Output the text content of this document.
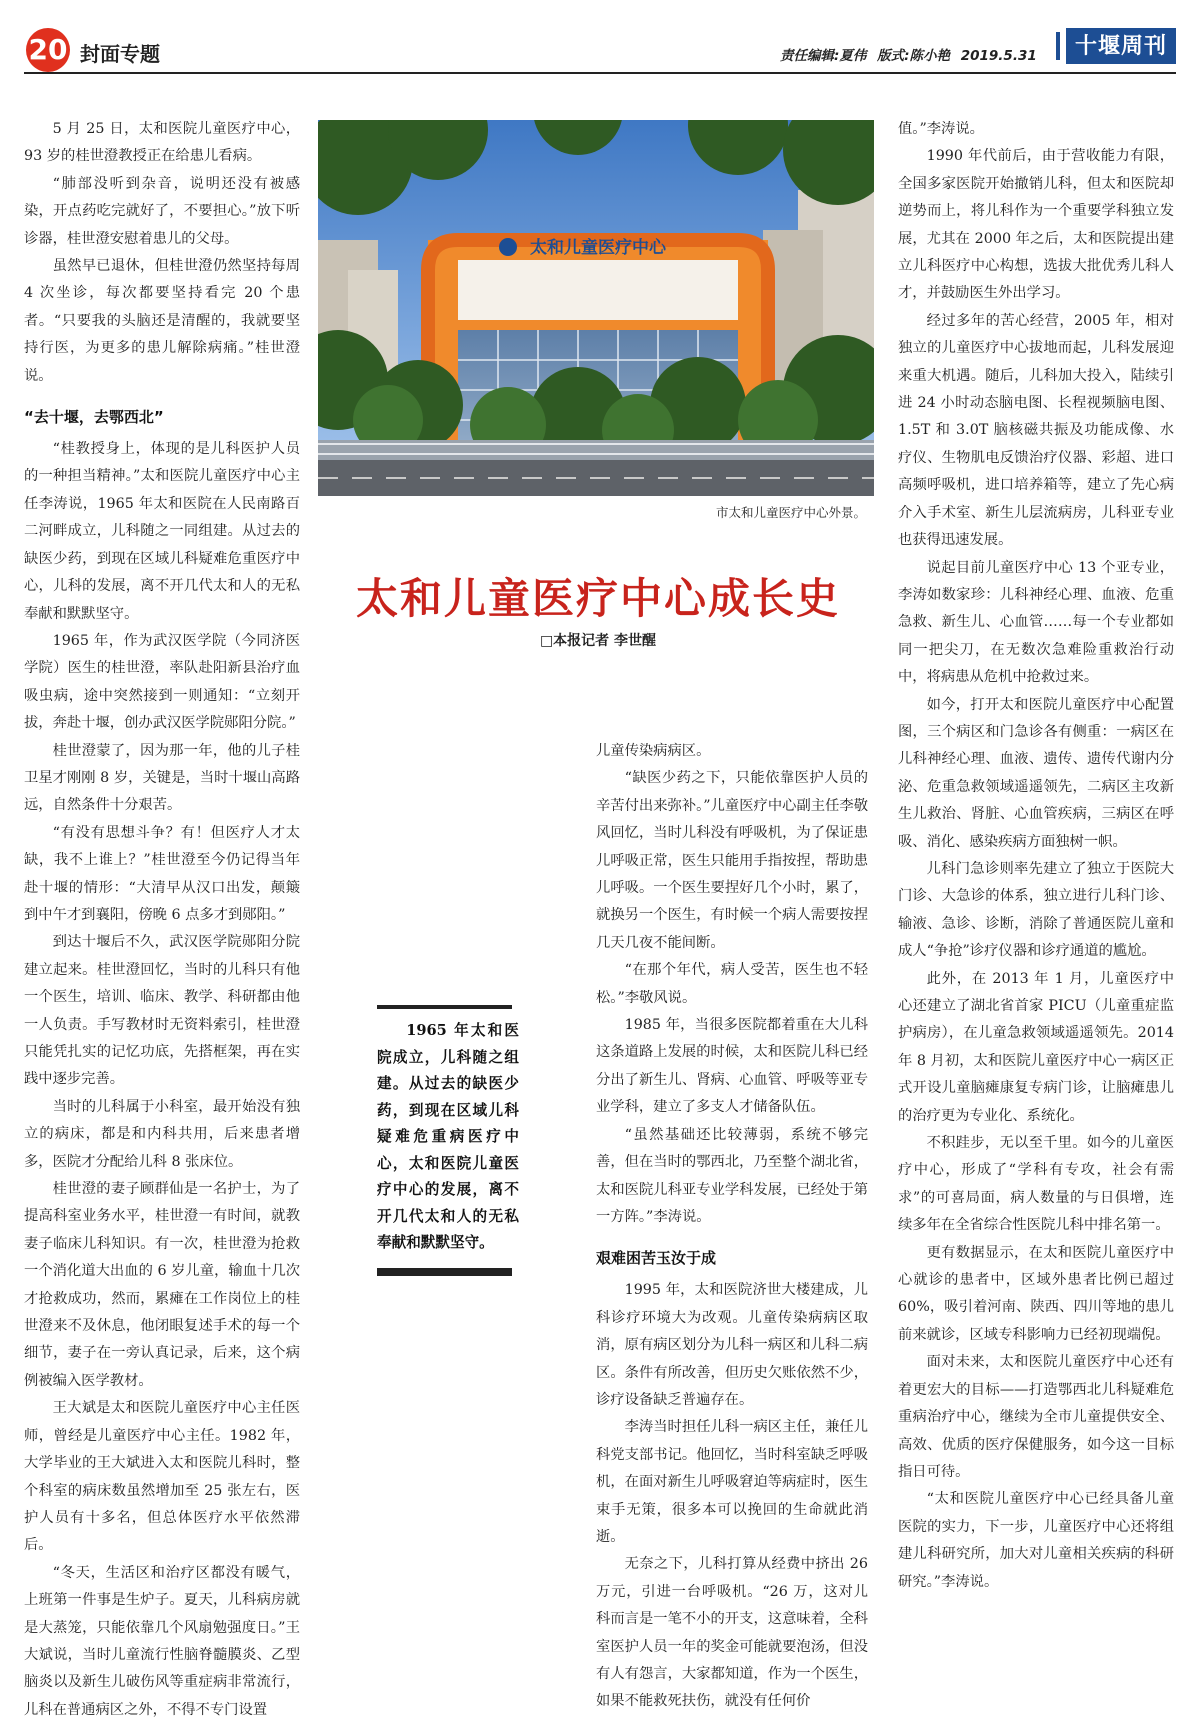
20 封面专题	责任编辑:夏伟 版式:陈小艳 2019.5.31	十堰周刊

5 月 25 日，太和医院儿童医疗中心，93 岁的桂世澄教授正在给患儿看病。

“肺部没听到杂音，说明还没有被感染，开点药吃完就好了，不要担心。”放下听诊器，桂世澄安慰着患儿的父母。

虽然早已退休，但桂世澄仍然坚持每周 4 次坐诊，每次都要坚持看完 20 个患者。“只要我的头脑还是清醒的，我就要坚持行医，为更多的患儿解除病痛。”桂世澄说。

“去十堰，去鄂西北”

“桂教授身上，体现的是儿科医护人员的一种担当精神。”太和医院儿童医疗中心主任李涛说，1965 年太和医院在人民南路百二河畔成立，儿科随之一同组建。从过去的缺医少药，到现在区域儿科疑难危重医疗中心，儿科的发展，离不开几代太和人的无私奉献和默默坚守。

1965 年，作为武汉医学院（今同济医学院）医生的桂世澄，率队赴阳新县治疗血吸虫病，途中突然接到一则通知：“立刻开拔，奔赴十堰，创办武汉医学院郧阳分院。”

桂世澄蒙了，因为那一年，他的儿子桂卫星才刚刚 8 岁，关键是，当时十堰山高路远，自然条件十分艰苦。

“有没有思想斗争？有！但医疗人才太缺，我不上谁上？”桂世澄至今仍记得当年赴十堰的情形：“大清早从汉口出发，颠簸到中午才到襄阳，傍晚 6 点多才到郧阳。”

到达十堰后不久，武汉医学院郧阳分院建立起来。桂世澄回忆，当时的儿科只有他一个医生，培训、临床、教学、科研都由他一人负责。手写教材时无资料索引，桂世澄只能凭扎实的记忆功底，先搭框架，再在实践中逐步完善。

当时的儿科属于小科室，最开始没有独立的病床，都是和内科共用，后来患者增多，医院才分配给儿科 8 张床位。

桂世澄的妻子顾群仙是一名护士，为了提高科室业务水平，桂世澄一有时间，就教妻子临床儿科知识。有一次，桂世澄为抢救一个消化道大出血的 6 岁儿童，输血十几次才抢救成功，然而，累瘫在工作岗位上的桂世澄来不及休息，他闭眼复述手术的每一个细节，妻子在一旁认真记录，后来，这个病例被编入医学教材。

王大斌是太和医院儿童医疗中心主任医师，曾经是儿童医疗中心主任。1982 年，大学毕业的王大斌进入太和医院儿科时，整个科室的病床数虽然增加至 25 张左右，医护人员有十多名，但总体医疗水平依然滞后。

“冬天，生活区和治疗区都没有暖气，上班第一件事是生炉子。夏天，儿科病房就是大蒸笼，只能依靠几个风扇勉强度日。”王大斌说，当时儿童流行性脑脊髓膜炎、乙型脑炎以及新生儿破伤风等重症病非常流行，儿科在普通病区之外，不得不专门设置

太和儿童医疗中心
市太和儿童医疗中心外景。
太和儿童医疗中心成长史
□本报记者 李世醒

1965 年太和医院成立，儿科随之组建。从过去的缺医少药，到现在区域儿科疑难危重病医疗中心，太和医院儿童医疗中心的发展，离不开几代太和人的无私奉献和默默坚守。

儿童传染病病区。

“缺医少药之下，只能依靠医护人员的辛苦付出来弥补。”儿童医疗中心副主任李敬风回忆，当时儿科没有呼吸机，为了保证患儿呼吸正常，医生只能用手指按捏，帮助患儿呼吸。一个医生要捏好几个小时，累了，就换另一个医生，有时候一个病人需要按捏几天几夜不能间断。

“在那个年代，病人受苦，医生也不轻松。”李敬风说。

1985 年，当很多医院都着重在大儿科这条道路上发展的时候，太和医院儿科已经分出了新生儿、肾病、心血管、呼吸等亚专业学科，建立了多支人才储备队伍。

“虽然基础还比较薄弱，系统不够完善，但在当时的鄂西北，乃至整个湖北省，太和医院儿科亚专业学科发展，已经处于第一方阵。”李涛说。

艰难困苦玉汝于成

1995 年，太和医院济世大楼建成，儿科诊疗环境大为改观。儿童传染病病区取消，原有病区划分为儿科一病区和儿科二病区。条件有所改善，但历史欠账依然不少，诊疗设备缺乏普遍存在。

李涛当时担任儿科一病区主任，兼任儿科党支部书记。他回忆，当时科室缺乏呼吸机，在面对新生儿呼吸窘迫等病症时，医生束手无策，很多本可以挽回的生命就此消逝。

无奈之下，儿科打算从经费中挤出 26 万元，引进一台呼吸机。“26 万，这对儿科而言是一笔不小的开支，这意味着，全科室医护人员一年的奖金可能就要泡汤，但没有人有怨言，大家都知道，作为一个医生，如果不能救死扶伤，就没有任何价

值。”李涛说。

1990 年代前后，由于营收能力有限，全国多家医院开始撤销儿科，但太和医院却逆势而上，将儿科作为一个重要学科独立发展，尤其在 2000 年之后，太和医院提出建立儿科医疗中心构想，选拔大批优秀儿科人才，并鼓励医生外出学习。

经过多年的苦心经营，2005 年，相对独立的儿童医疗中心拔地而起，儿科发展迎来重大机遇。随后，儿科加大投入，陆续引进 24 小时动态脑电图、长程视频脑电图、1.5T 和 3.0T 脑核磁共振及功能成像、水疗仪、生物肌电反馈治疗仪器、彩超、进口高频呼吸机，进口培养箱等，建立了先心病介入手术室、新生儿层流病房，儿科亚专业也获得迅速发展。

说起目前儿童医疗中心 13 个亚专业，李涛如数家珍：儿科神经心理、血液、危重急救、新生儿、心血管……每一个专业都如同一把尖刀，在无数次急难险重救治行动中，将病患从危机中抢救过来。

如今，打开太和医院儿童医疗中心配置图，三个病区和门急诊各有侧重：一病区在儿科神经心理、血液、遗传、遗传代谢内分泌、危重急救领域遥遥领先，二病区主攻新生儿救治、肾脏、心血管疾病，三病区在呼吸、消化、感染疾病方面独树一帜。

儿科门急诊则率先建立了独立于医院大门诊、大急诊的体系，独立进行儿科门诊、输液、急诊、诊断，消除了普通医院儿童和成人“争抢”诊疗仪器和诊疗通道的尴尬。

此外，在 2013 年 1 月，儿童医疗中心还建立了湖北省首家 PICU（儿童重症监护病房），在儿童急救领域遥遥领先。2014 年 8 月初，太和医院儿童医疗中心一病区正式开设儿童脑瘫康复专病门诊，让脑瘫患儿的治疗更为专业化、系统化。

不积跬步，无以至千里。如今的儿童医疗中心，形成了“学科有专攻，社会有需求”的可喜局面，病人数量的与日俱增，连续多年在全省综合性医院儿科中排名第一。

更有数据显示，在太和医院儿童医疗中心就诊的患者中，区域外患者比例已超过 60%，吸引着河南、陕西、四川等地的患儿前来就诊，区域专科影响力已经初现端倪。

面对未来，太和医院儿童医疗中心还有着更宏大的目标——打造鄂西北儿科疑难危重病治疗中心，继续为全市儿童提供安全、高效、优质的医疗保健服务，如今这一目标指日可待。

“太和医院儿童医疗中心已经具备儿童医院的实力，下一步，儿童医疗中心还将组建儿科研究所，加大对儿童相关疾病的科研研究。”李涛说。
